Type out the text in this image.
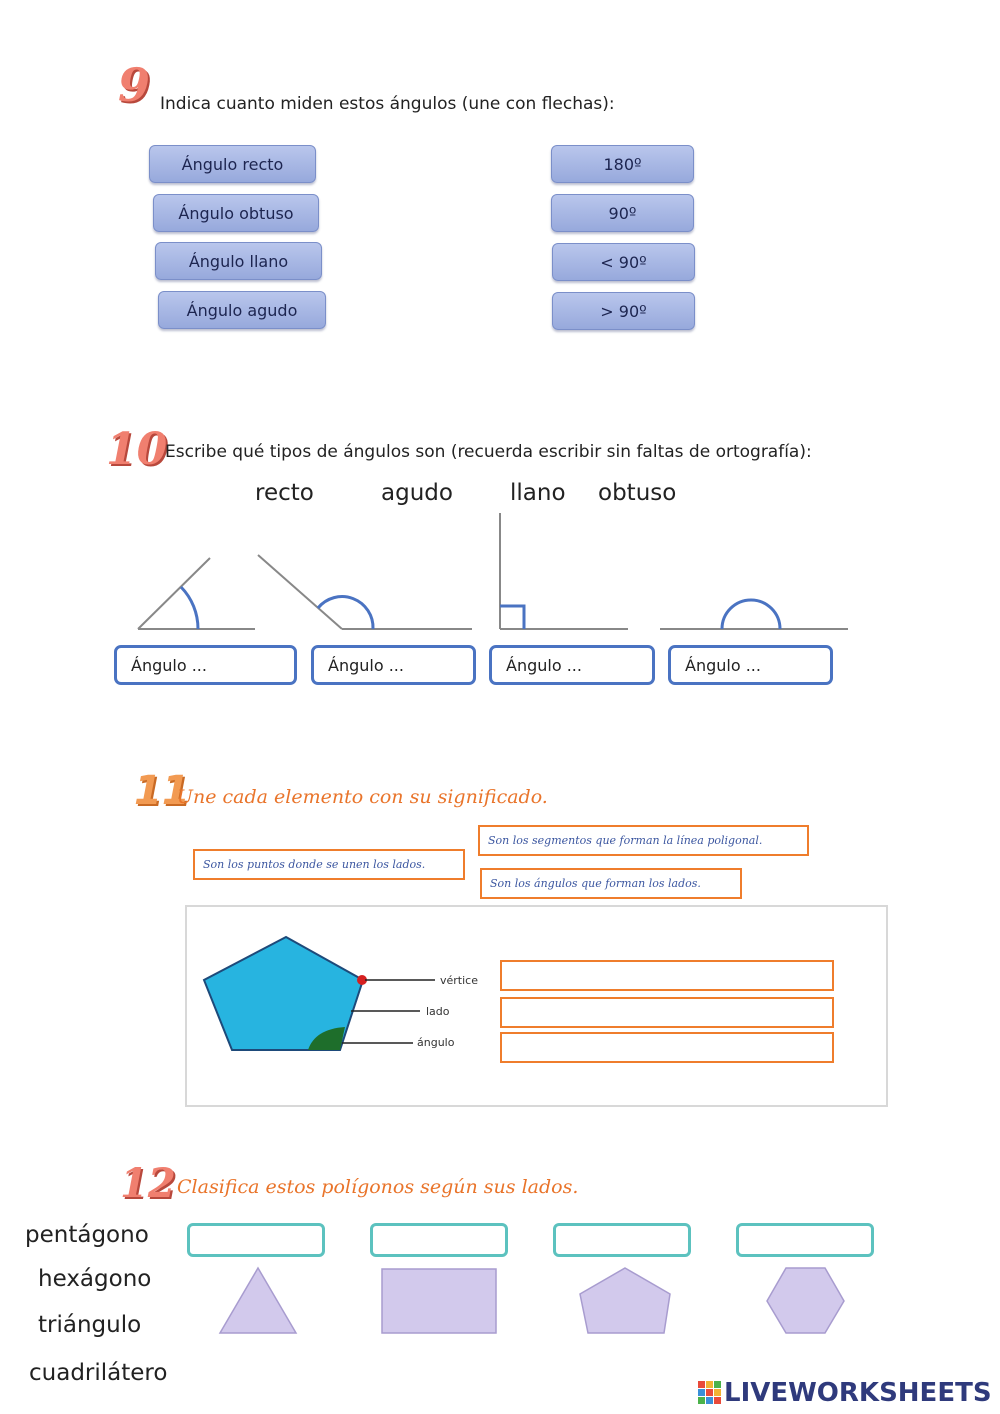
9 Indica cuanto miden estos ángulos (une con flechas):
Ángulo recto
Ángulo obtuso
Ángulo llano
Ángulo agudo
180º
90º
< 90º
> 90º
10
Escribe qué tipos de ángulos son (recuerda escribir sin faltas de ortografía):
recto	agudo llano obtuso
Ángulo ...	Ángulo ...	Ángulo ...	Ángulo ...
11
Une cada elemento con su significado.
Son los segmentos que forman la línea poligonal.
Son los puntos donde se unen los lados.
Son los ángulos que forman los lados.
vértice
lado
ángulo
12 Clasifica estos polígonos según sus lados.
pentágono
hexágono
triángulo
cuadrilátero
LIVEWORKSHEETS
